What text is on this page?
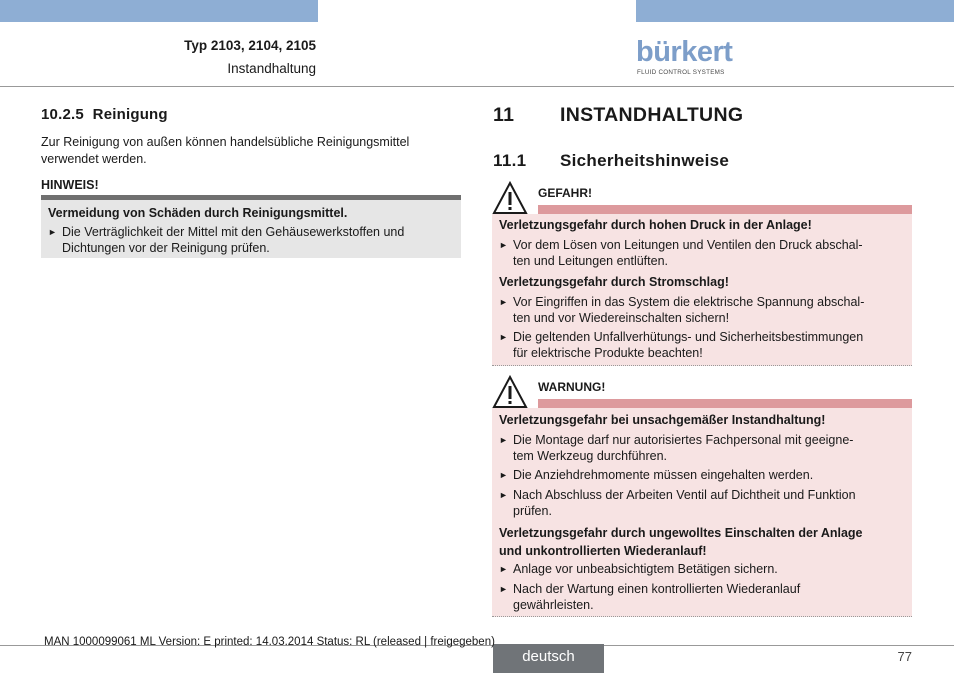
Typ 2103, 2104, 2105
Instandhaltung
bürkert
FLUID CONTROL SYSTEMS
10.2.5 Reinigung
Zur Reinigung von außen können handelsübliche Reinigungsmittel verwendet werden.
HINWEIS!
Vermeidung von Schäden durch Reinigungsmittel.
► Die Verträglichkeit der Mittel mit den Gehäusewerkstoffen und
Dichtungen vor der Reinigung prüfen.
11 INSTANDHALTUNG
11.1 Sicherheitshinweise
GEFAHR!
Verletzungsgefahr durch hohen Druck in der Anlage!
► Vor dem Lösen von Leitungen und Ventilen den Druck abschal-
ten und Leitungen entlüften.
Verletzungsgefahr durch Stromschlag!
► Vor Eingriffen in das System die elektrische Spannung abschal-
ten und vor Wiedereinschalten sichern!
► Die geltenden Unfallverhütungs- und Sicherheitsbestimmungen
für elektrische Produkte beachten!
WARNUNG!
Verletzungsgefahr bei unsachgemäßer Instandhaltung!
► Die Montage darf nur autorisiertes Fachpersonal mit geeigne-
tem Werkzeug durchführen.
► Die Anziehdrehmomente müssen eingehalten werden.
► Nach Abschluss der Arbeiten Ventil auf Dichtheit und Funktion
prüfen.
Verletzungsgefahr durch ungewolltes Einschalten der Anlage
und unkontrollierten Wiederanlauf!
► Anlage vor unbeabsichtigtem Betätigen sichern.
► Nach der Wartung einen kontrollierten Wiederanlauf
gewährleisten.
deutsch
MAN 1000099061 ML Version: E printed: 14.03.2014 Status: RL (released | freigegeben)
77
